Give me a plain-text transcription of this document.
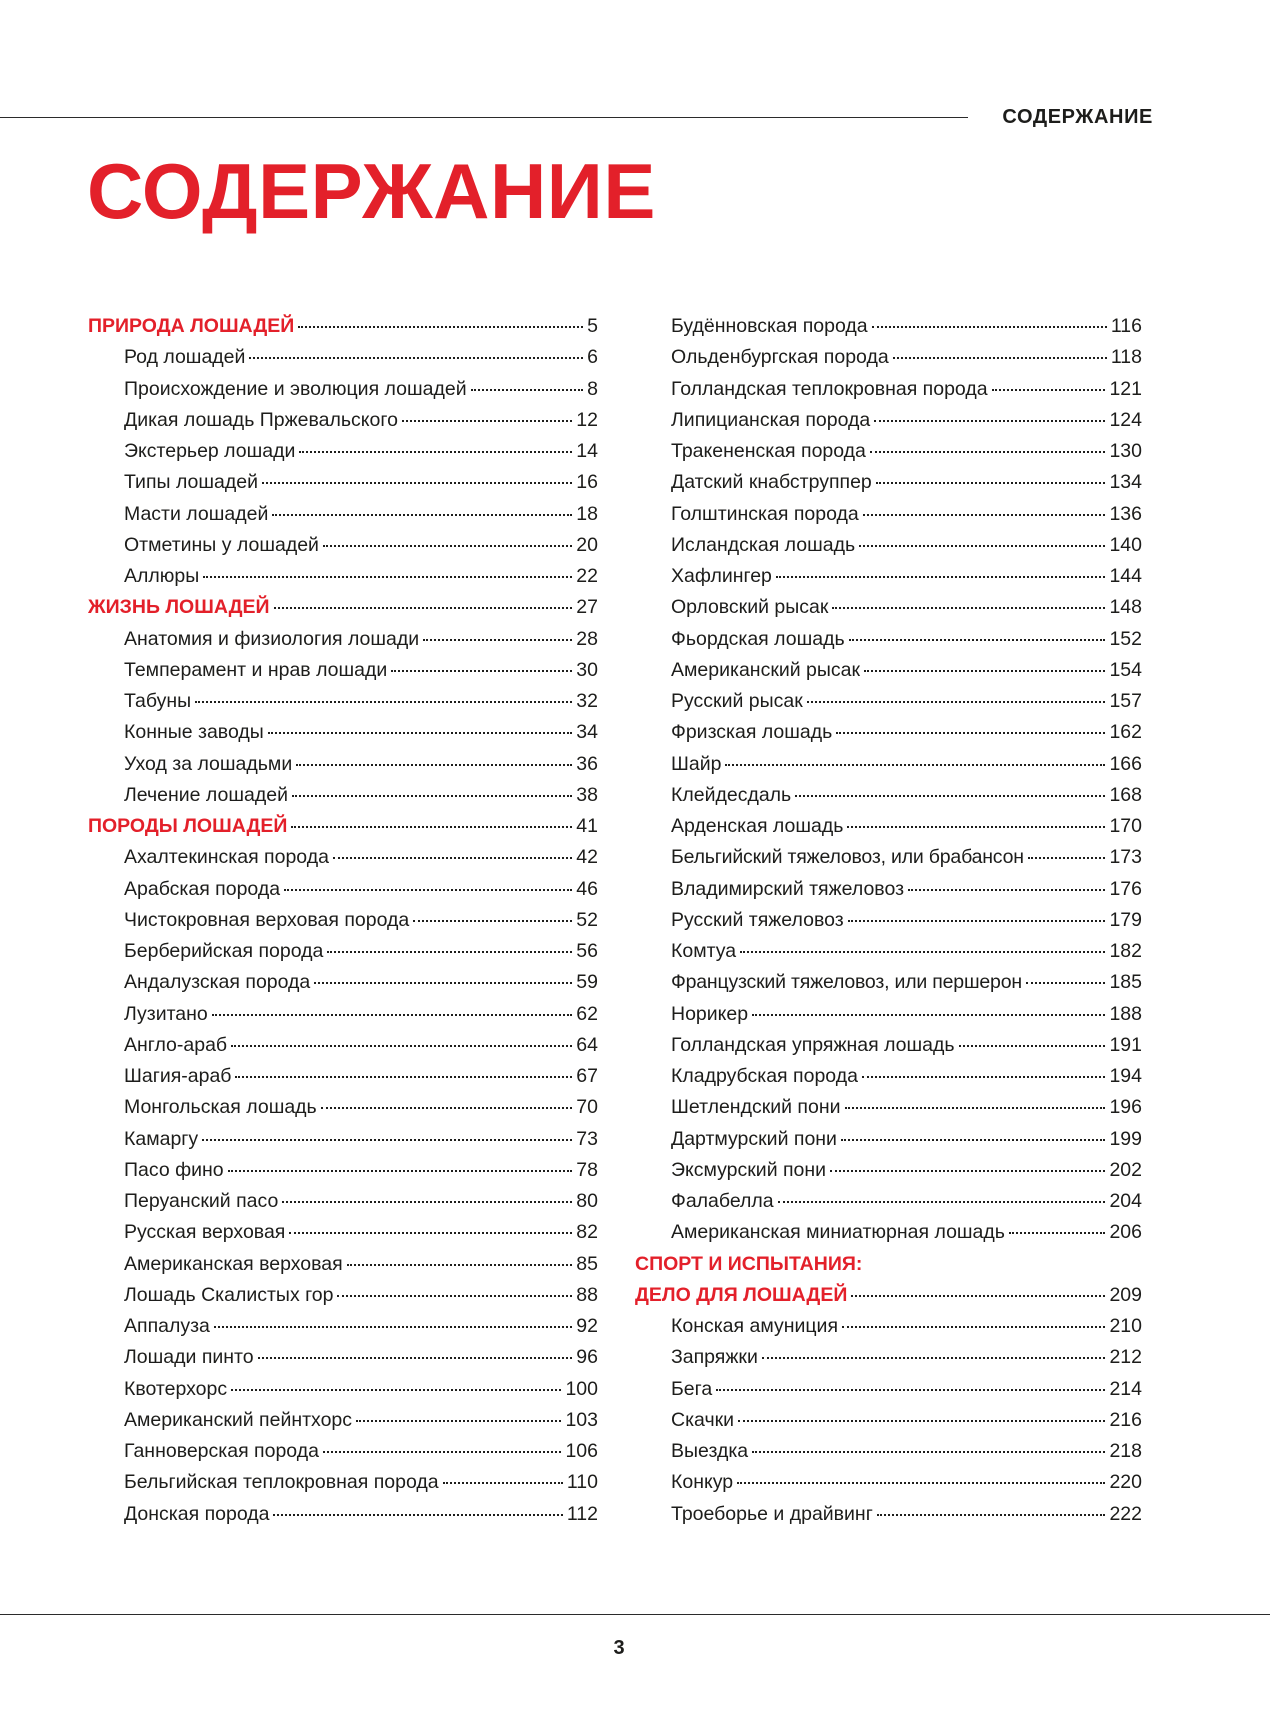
СОДЕРЖАНИЕ
СОДЕРЖАНИЕ
ПРИРОДА ЛОШАДЕЙ	5
Род лошадей	6
Происхождение и эволюция лошадей	8
Дикая лошадь Пржевальского	12
Экстерьер лошади	14
Типы лошадей	16
Масти лошадей	18
Отметины у лошадей	20
Аллюры	22
ЖИЗНЬ ЛОШАДЕЙ	27
Анатомия и физиология лошади	28
Темперамент и нрав лошади	30
Табуны	32
Конные заводы	34
Уход за лошадьми	36
Лечение лошадей	38
ПОРОДЫ ЛОШАДЕЙ	41
Ахалтекинская порода	42
Арабская порода	46
Чистокровная верховая порода	52
Берберийская порода	56
Андалузская порода	59
Лузитано	62
Англо-араб	64
Шагия-араб	67
Монгольская лошадь	70
Камаргу	73
Пасо фино	78
Перуанский пасо	80
Русская верховая	82
Американская верховая	85
Лошадь Скалистых гор	88
Аппалуза	92
Лошади пинто	96
Квотерхорс	100
Американский пейнтхорс	103
Ганноверская порода	106
Бельгийская теплокровная порода	110
Донская порода	112
Будённовская порода	116
Ольденбургская порода	118
Голландская теплокровная порода	121
Липицианская порода	124
Тракененская порода	130
Датский кнабструппер	134
Голштинская порода	136
Исландская лошадь	140
Хафлингер	144
Орловский рысак	148
Фьордская лошадь	152
Американский рысак	154
Русский рысак	157
Фризская лошадь	162
Шайр	166
Клейдесдаль	168
Арденская лошадь	170
Бельгийский тяжеловоз, или брабансон	173
Владимирский тяжеловоз	176
Русский тяжеловоз	179
Комтуа	182
Французский тяжеловоз, или першерон	185
Норикер	188
Голландская упряжная лошадь	191
Кладрубская порода	194
Шетлендский пони	196
Дартмурский пони	199
Эксмурский пони	202
Фалабелла	204
Американская миниатюрная лошадь	206
СПОРТ И ИСПЫТАНИЯ:
ДЕЛО ДЛЯ ЛОШАДЕЙ	209
Конская амуниция	210
Запряжки	212
Бега	214
Скачки	216
Выездка	218
Конкур	220
Троеборье и драйвинг	222
3
